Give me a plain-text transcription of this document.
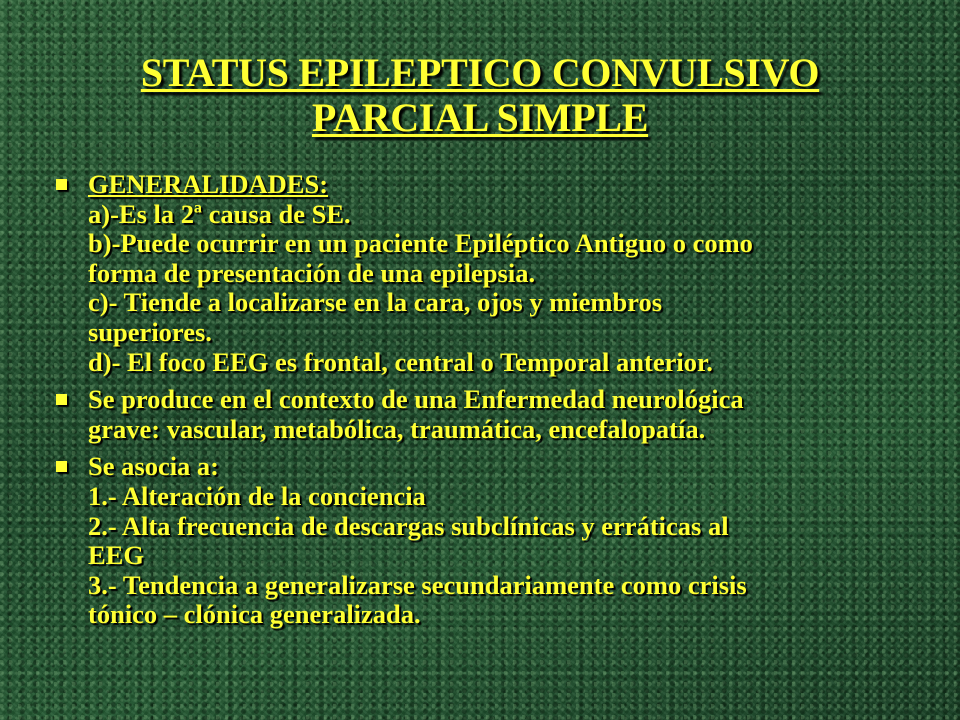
STATUS EPILEPTICO CONVULSIVO
PARCIAL SIMPLE
GENERALIDADES:
a)-Es la 2ª causa de SE.
b)-Puede ocurrir en un paciente Epiléptico Antiguo o como
forma de presentación de una epilepsia.
c)- Tiende a localizarse en la cara, ojos y miembros
superiores.
d)- El foco EEG es frontal, central o Temporal anterior.
Se produce en el contexto de una Enfermedad neurológica
grave: vascular, metabólica, traumática, encefalopatía.
Se asocia a:
1.- Alteración de la conciencia
2.- Alta frecuencia de descargas subclínicas y erráticas al
EEG
3.- Tendencia a generalizarse secundariamente como crisis
tónico – clónica generalizada.
